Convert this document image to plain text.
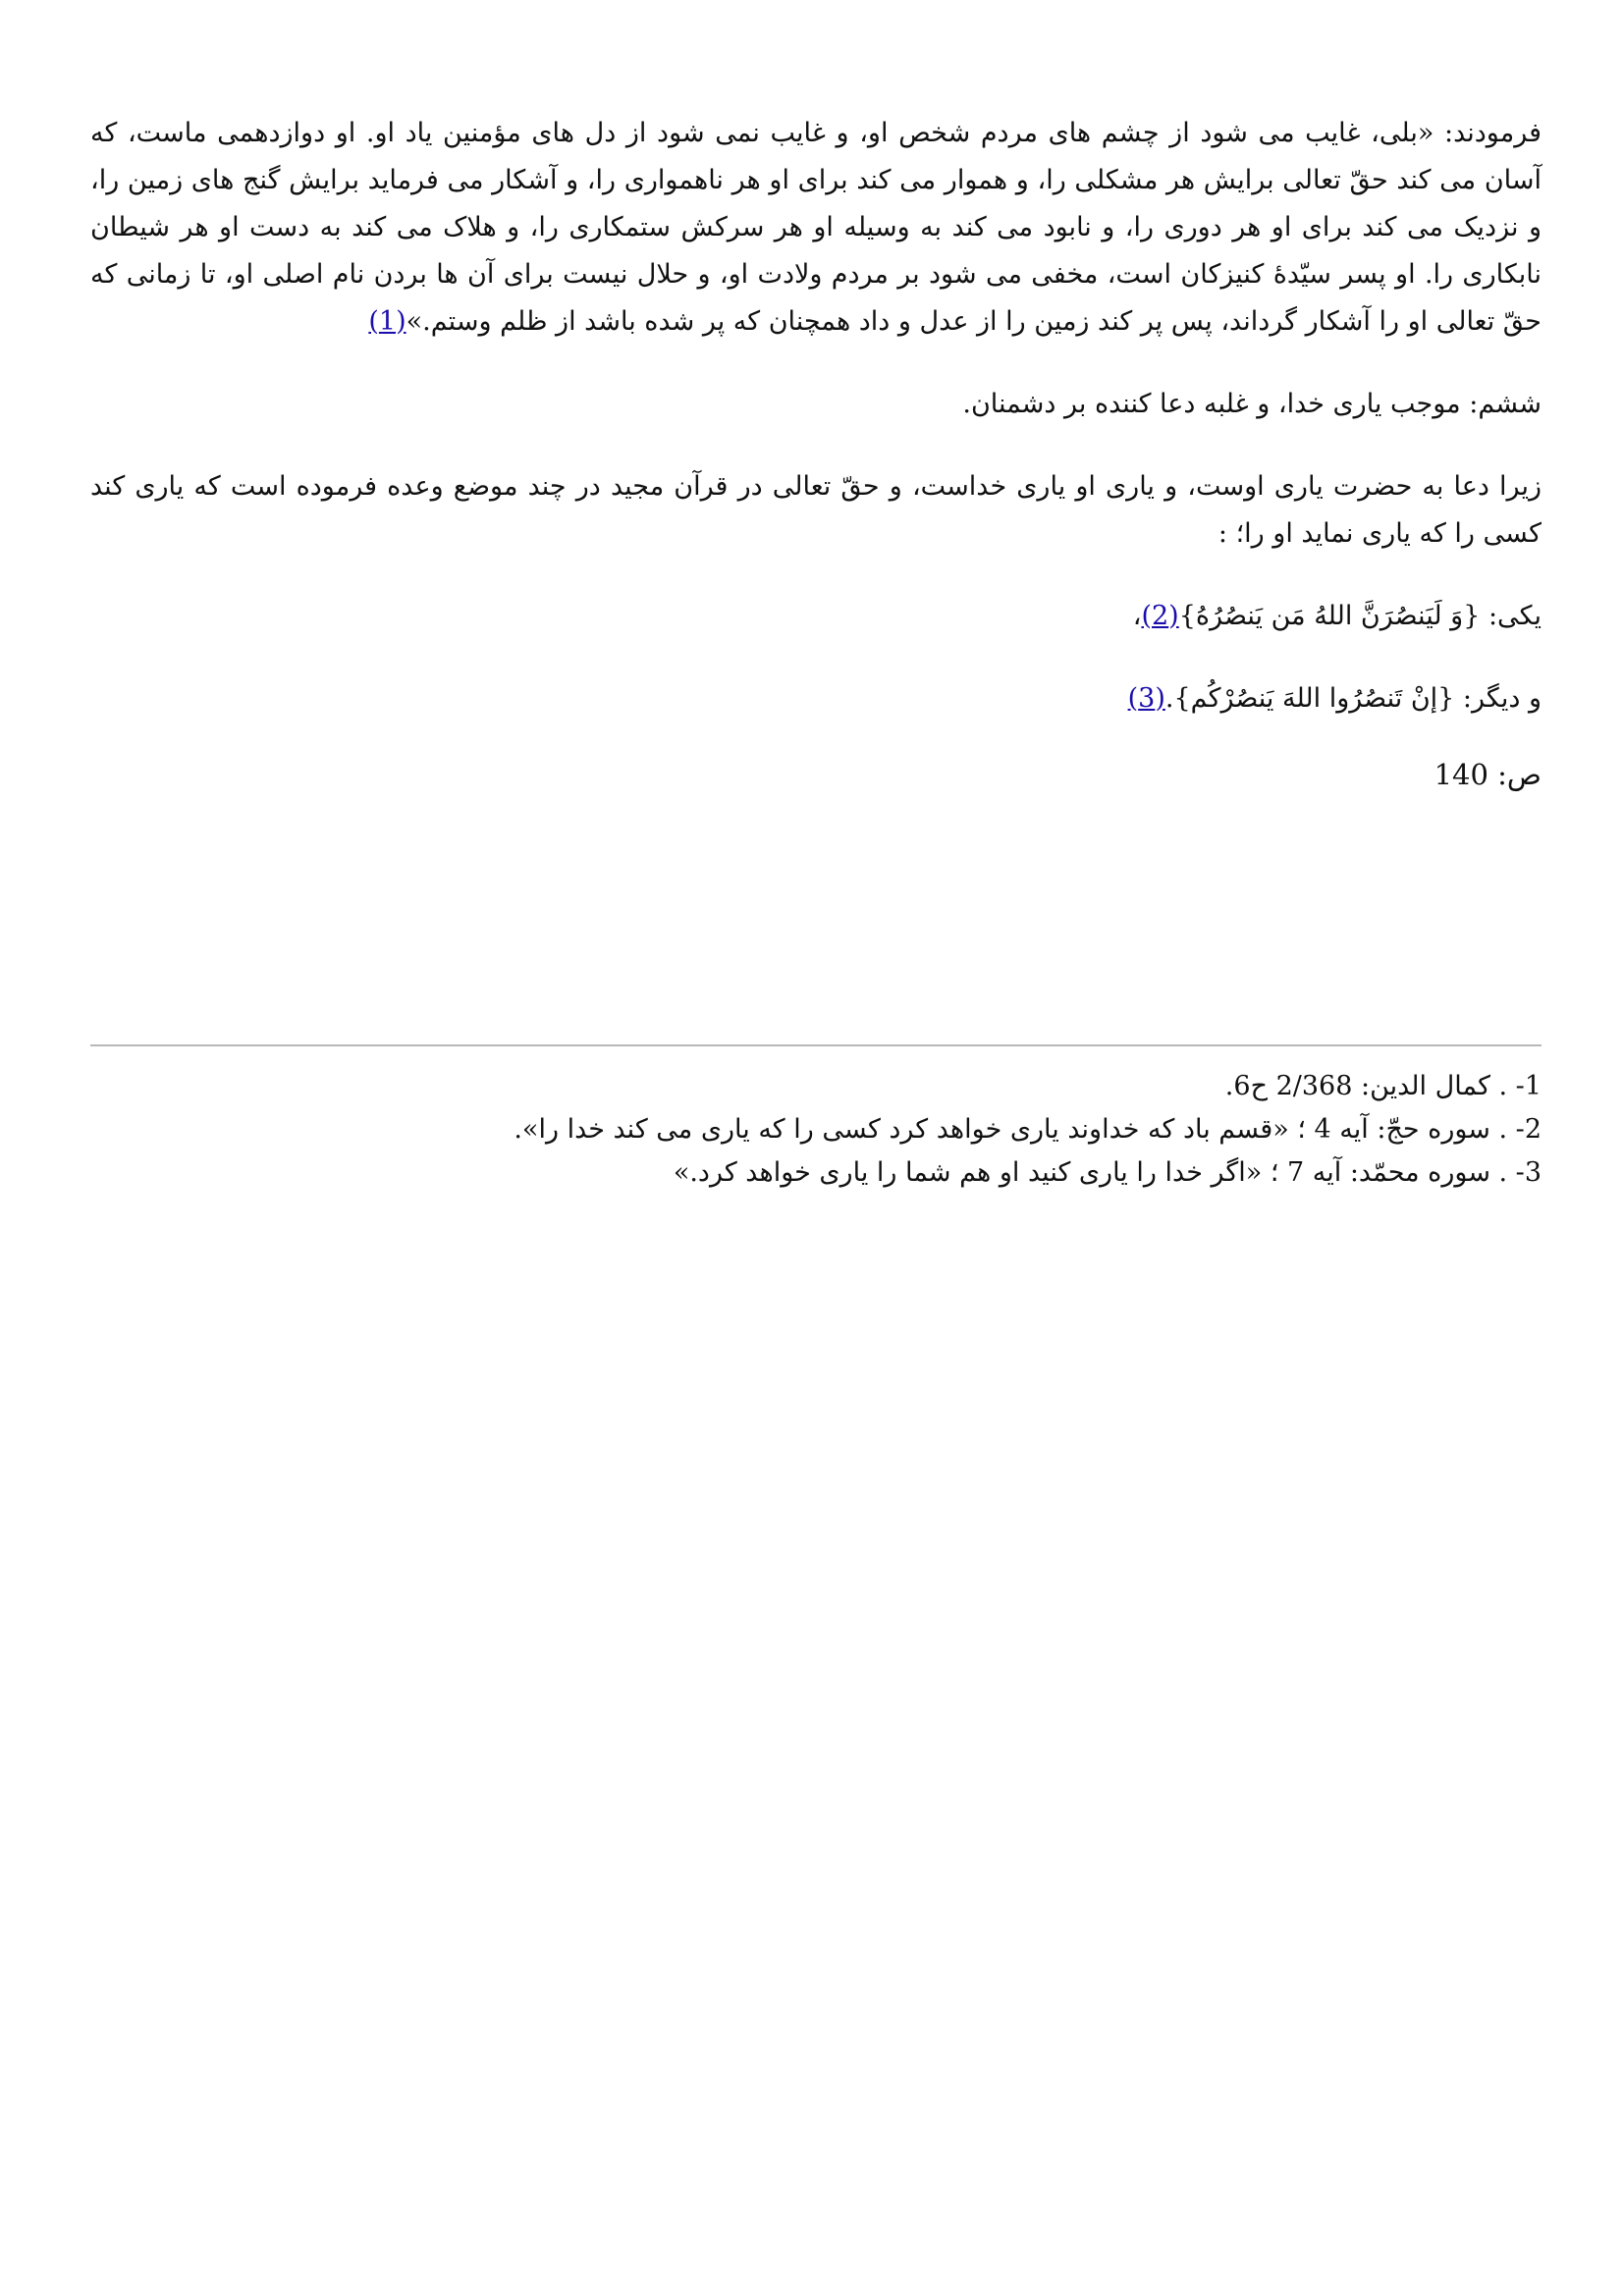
فرمودند: «بلی، غایب می شود از چشم های مردم شخص او، و غایب نمی شود از دل های مؤمنین یاد او. او دوازدهمی ماست، که آسان می کند حقّ تعالی برایش هر مشکلی را، و هموار می کند برای او هر ناهمواری را، و آشکار می فرماید برایش گنج های زمین را، و نزدیک می کند برای او هر دوری را، و نابود می کند به وسیله او هر سرکش ستمکاری را، و هلاک می کند به دست او هر شیطان نابکاری را. او پسر سیّدهٔ کنیزکان است، مخفی می شود بر مردم ولادت او، و حلال نیست برای آن ها بردن نام اصلی او، تا زمانی که حقّ تعالی او را آشکار گرداند، پس پر کند زمین را از عدل و داد همچنان که پر شده باشد از ظلم وستم.»(1)

ششم: موجب یاری خدا، و غلبه دعا کننده بر دشمنان.

زیرا دعا به حضرت یاری اوست، و یاری او یاری خداست، و حقّ تعالی در قرآن مجید در چند موضع وعده فرموده است که یاری کند کسی را که یاری نماید او را؛ :

یکی: {وَ لَیَنصُرَنَّ اللهُ مَن یَنصُرُهُ}(2)،

و دیگر: {إنْ تَنصُرُوا اللهَ یَنصُرْکُم}.(3)

ص: 140

1- . کمال الدین: 2/368 ح6.

2- . سوره حجّ: آیه 4 ؛ «قسم باد که خداوند یاری خواهد کرد کسی را که یاری می کند خدا را».

3- . سوره محمّد: آیه 7 ؛ «اگر خدا را یاری کنید او هم شما را یاری خواهد کرد.»
